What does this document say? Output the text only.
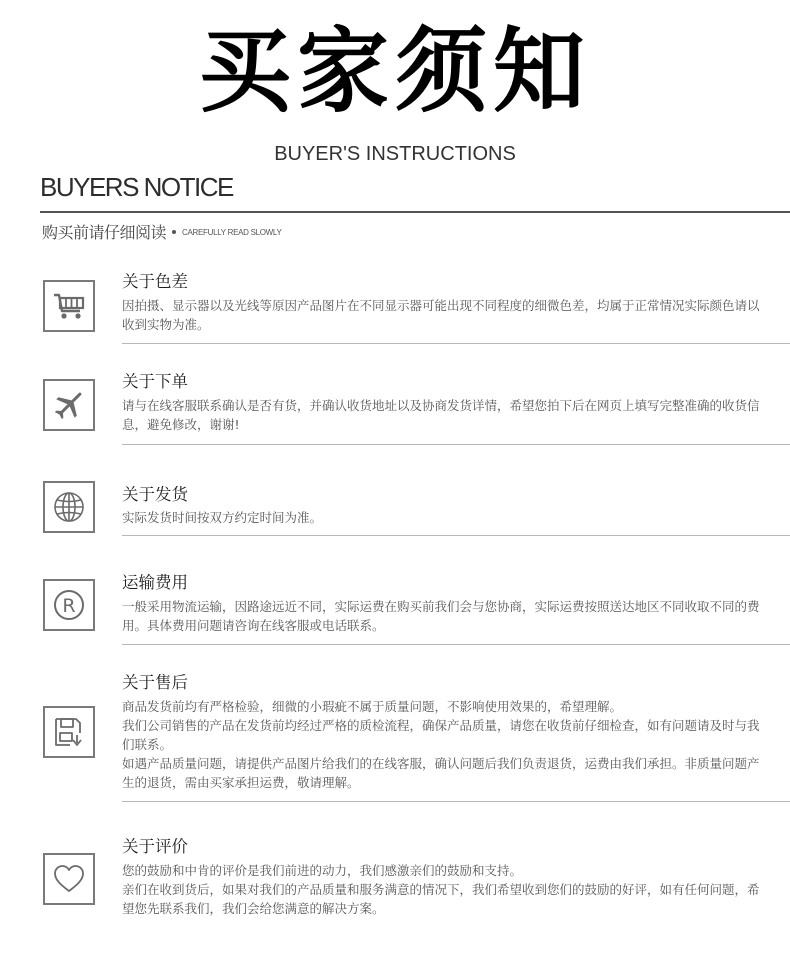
买家须知
BUYER'S INSTRUCTIONS
BUYERS NOTICE
购买前请仔细阅读 CAREFULLY READ SLOWLY
关于色差

因拍摄、显示器以及光线等原因产品图片在不同显示器可能出现不同程度的细微色差，均属于正常情况实际颜色请以收到实物为准。

关于下单

请与在线客服联系确认是否有货，并确认收货地址以及协商发货详情，希望您拍下后在网页上填写完整准确的收货信息，避免修改，谢谢!

关于发货

实际发货时间按双方约定时间为准。

R
运输费用

一般采用物流运输，因路途远近不同，实际运费在购买前我们会与您协商，实际运费按照送达地区不同收取不同的费用。具体费用问题请咨询在线客服或电话联系。

关于售后

商品发货前均有严格检验，细微的小瑕疵不属于质量问题，不影响使用效果的，希望理解。

我们公司销售的产品在发货前均经过严格的质检流程，确保产品质量，请您在收货前仔细检查，如有问题请及时与我们联系。

如遇产品质量问题，请提供产品图片给我们的在线客服，确认问题后我们负责退货，运费由我们承担。非质量问题产生的退货，需由买家承担运费，敬请理解。

关于评价

您的鼓励和中肯的评价是我们前进的动力，我们感激亲们的鼓励和支持。

亲们在收到货后，如果对我们的产品质量和服务满意的情况下，我们希望收到您们的鼓励的好评，如有任何问题，希望您先联系我们，我们会给您满意的解决方案。
